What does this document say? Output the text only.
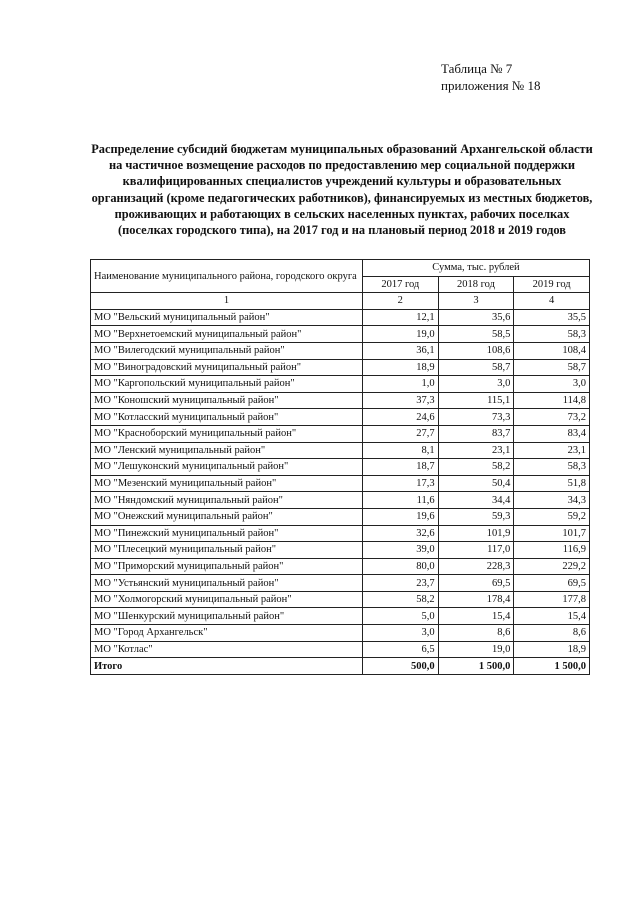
Таблица № 7
приложения № 18
Распределение субсидий бюджетам муниципальных образований Архангельской области на частичное возмещение расходов по предоставлению мер социальной поддержки квалифицированных специалистов учреждений культуры и образовательных организаций (кроме педагогических работников), финансируемых из местных бюджетов, проживающих и работающих в сельских населенных пунктах, рабочих поселках (поселках городского типа), на 2017 год и на плановый период 2018 и 2019 годов
Наименование муниципального района, городского округа	Сумма, тыс. рублей		
	2017 год	2018 год	2019 год
1	2	3	4
МО "Вельский муниципальный район"	12,1	35,6	35,5
МО "Верхнетоемский муниципальный район"	19,0	58,5	58,3
МО "Вилегодский муниципальный район"	36,1	108,6	108,4
МО "Виноградовский муниципальный район"	18,9	58,7	58,7
МО "Каргопольский муниципальный район"	1,0	3,0	3,0
МО "Коношский муниципальный район"	37,3	115,1	114,8
МО "Котласский муниципальный район"	24,6	73,3	73,2
МО "Красноборский муниципальный район"	27,7	83,7	83,4
МО "Ленский муниципальный район"	8,1	23,1	23,1
МО "Лешуконский муниципальный район"	18,7	58,2	58,3
МО "Мезенский муниципальный район"	17,3	50,4	51,8
МО "Няндомский муниципальный район"	11,6	34,4	34,3
МО "Онежский муниципальный район"	19,6	59,3	59,2
МО "Пинежский муниципальный район"	32,6	101,9	101,7
МО "Плесецкий муниципальный район"	39,0	117,0	116,9
МО "Приморский муниципальный район"	80,0	228,3	229,2
МО "Устьянский муниципальный район"	23,7	69,5	69,5
МО "Холмогорский муниципальный район"	58,2	178,4	177,8
МО "Шенкурский муниципальный район"	5,0	15,4	15,4
МО "Город Архангельск"	3,0	8,6	8,6
МО "Котлас"	6,5	19,0	18,9
Итого	500,0	1 500,0	1 500,0
